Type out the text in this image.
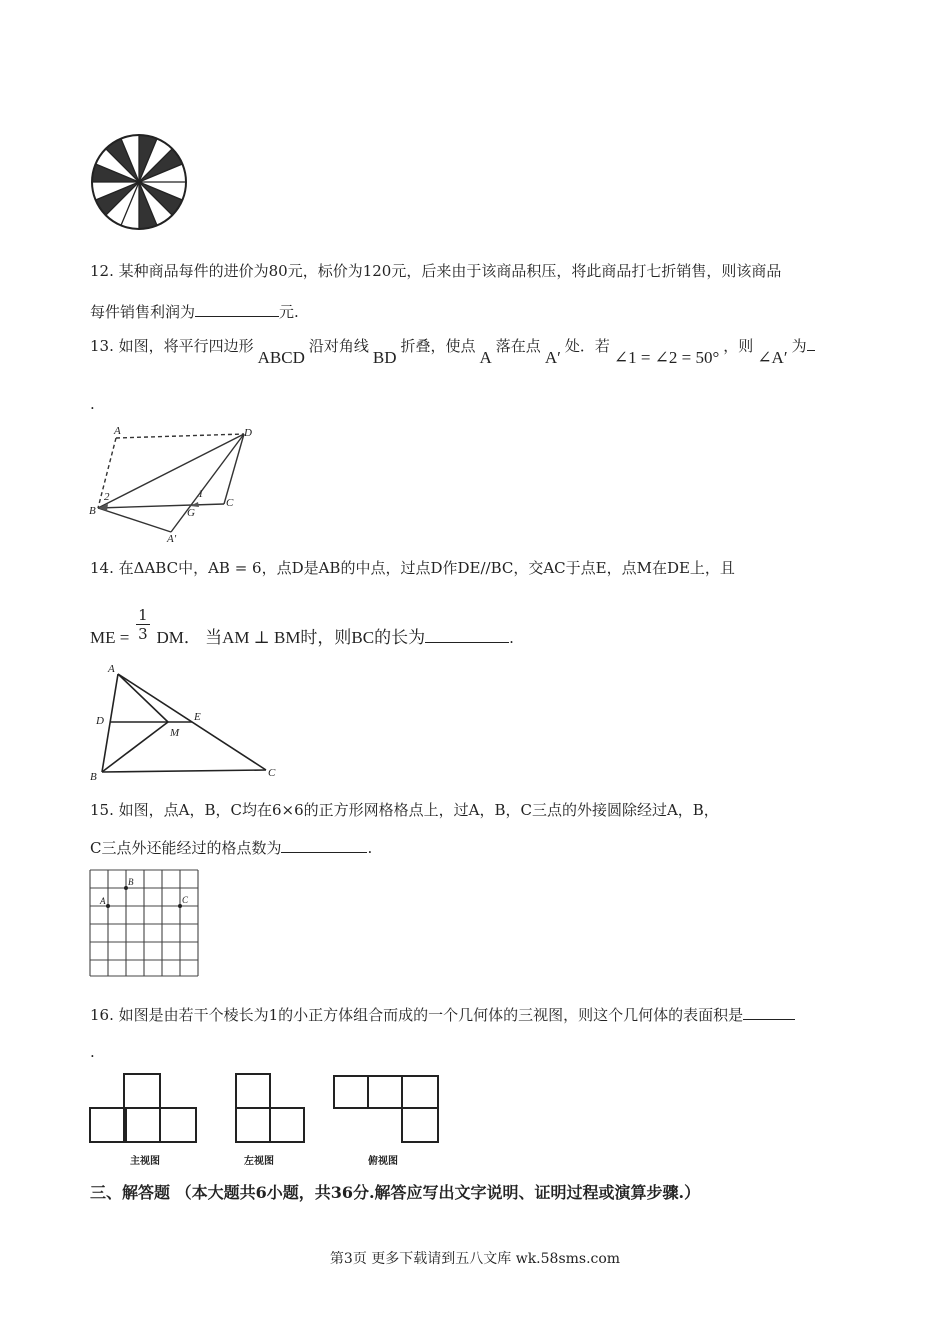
12. 某种商品每件的进价为80元，标价为120元，后来由于该商品积压，将此商品打七折销售，则该商品
每件销售利润为	元.
13. 如图，将平行四边形ABCD沿对角线BD折叠，使点A落在点A′处．若∠1 = ∠2 = 50°，则∠A′为
.
A	D
B
C
G
A′
1
2
14. 在ΔABC中，AB = 6，点D是AB的中点，过点D作DE//BC，交AC于点E，点M在DE上，且
ME = $\frac{1}{3}$ DM． 当AM ⊥ BM时，则BC的长为	.
A
D	E
M
B	C
15. 如图，点A，B，C均在6×6的正方形网格格点上，过A，B，C三点的外接圆除经过A，B，
C三点外还能经过的格点数为	.
A
B
C
16. 如图是由若干个棱长为1的小正方体组合而成的一个几何体的三视图，则这个几何体的表面积是
.
主视图	左视图	俯视图
三、解答题 （本大题共6小题，共36分.解答应写出文字说明、证明过程或演算步骤.）
第3页 更多下载请到五八文库 wk.58sms.com
